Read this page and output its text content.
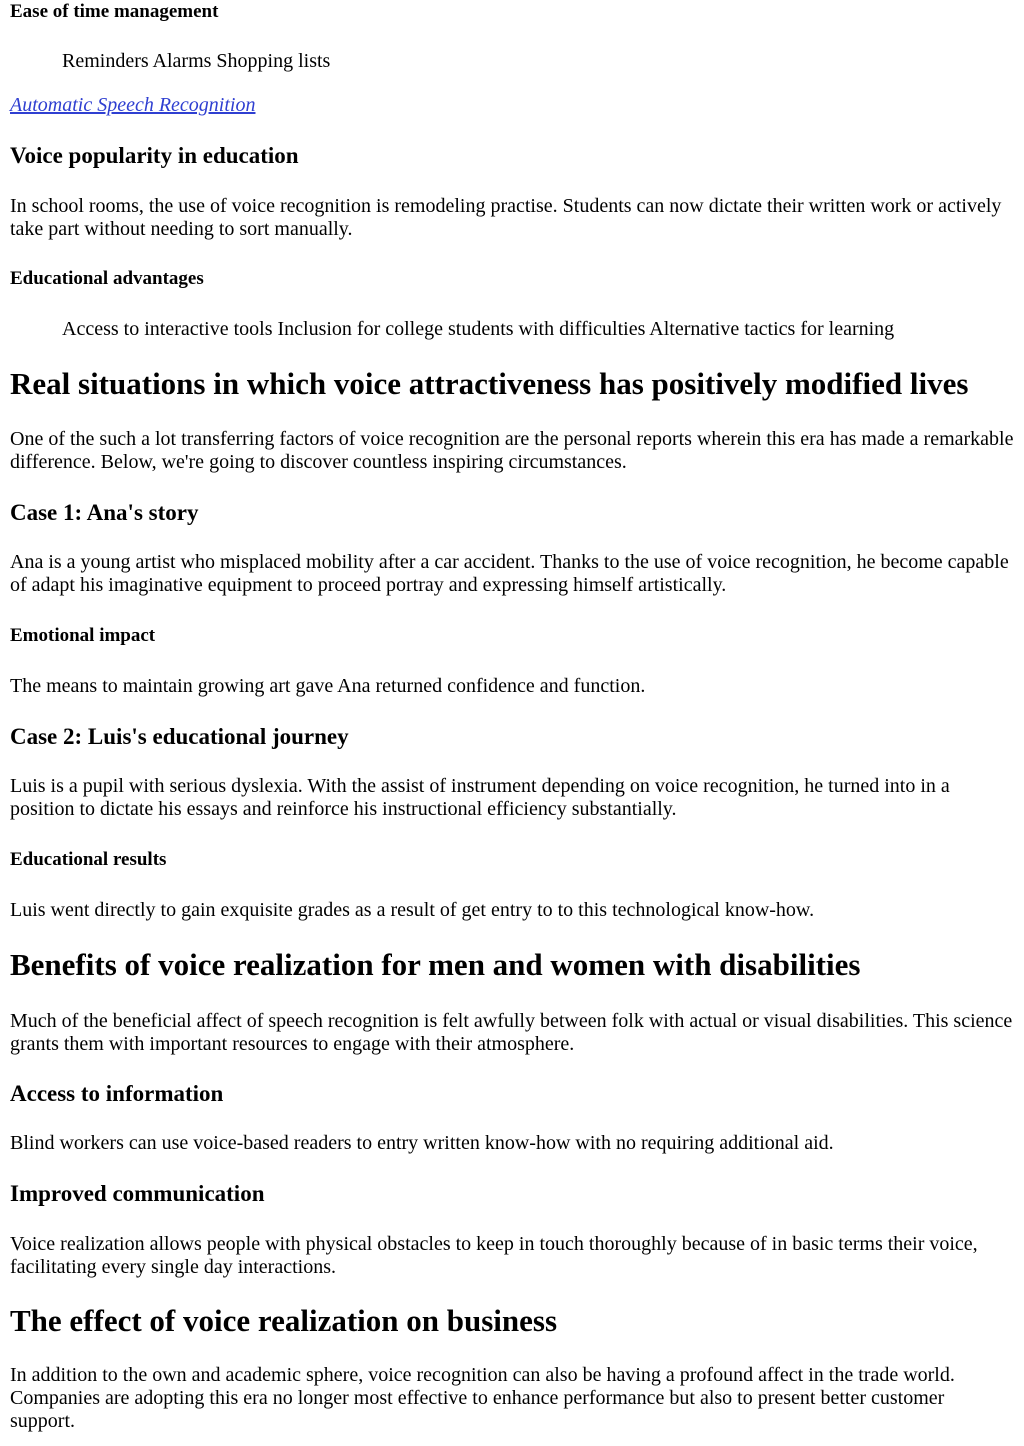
Ease of time management

Reminders Alarms Shopping lists

Automatic Speech Recognition

Voice popularity in education

In school rooms, the use of voice recognition is remodeling practise. Students can now dictate their written work or actively take part without needing to sort manually.

Educational advantages

Access to interactive tools Inclusion for college students with difficulties Alternative tactics for learning

Real situations in which voice attractiveness has positively modified lives

One of the such a lot transferring factors of voice recognition are the personal reports wherein this era has made a remarkable difference. Below, we're going to discover countless inspiring circumstances.

Case 1: Ana's story

Ana is a young artist who misplaced mobility after a car accident. Thanks to the use of voice recognition, he become capable of adapt his imaginative equipment to proceed portray and expressing himself artistically.

Emotional impact

The means to maintain growing art gave Ana returned confidence and function.

Case 2: Luis's educational journey

Luis is a pupil with serious dyslexia. With the assist of instrument depending on voice recognition, he turned into in a position to dictate his essays and reinforce his instructional efficiency substantially.

Educational results

Luis went directly to gain exquisite grades as a result of get entry to to this technological know-how.

Benefits of voice realization for men and women with disabilities

Much of the beneficial affect of speech recognition is felt awfully between folk with actual or visual disabilities. This science grants them with important resources to engage with their atmosphere.

Access to information

Blind workers can use voice-based readers to entry written know-how with no requiring additional aid.

Improved communication

Voice realization allows people with physical obstacles to keep in touch thoroughly because of in basic terms their voice, facilitating every single day interactions.

The effect of voice realization on business

In addition to the own and academic sphere, voice recognition can also be having a profound affect in the trade world. Companies are adopting this era no longer most effective to enhance performance but also to present better customer support.
